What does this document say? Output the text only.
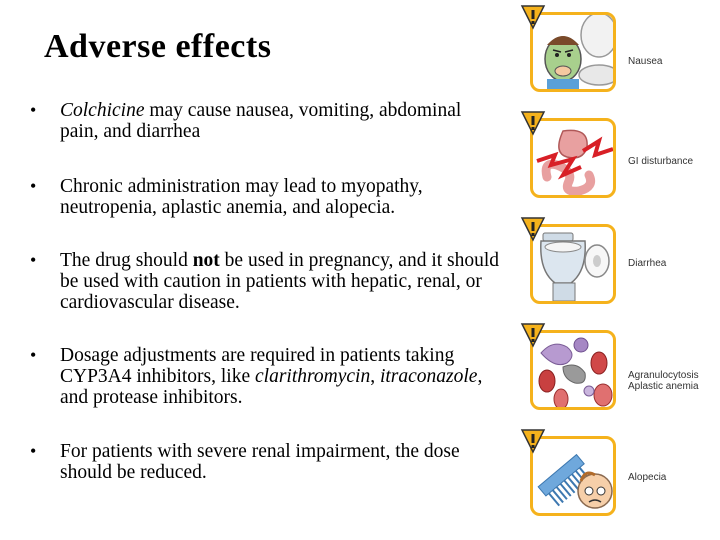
Adverse effects
• Colchicine may cause nausea, vomiting, abdominal pain, and diarrhea
• Chronic administration may lead to myopathy, neutropenia, aplastic anemia, and alopecia.
• The drug should not be used in pregnancy, and it should be used with caution in patients with hepatic, renal, or cardiovascular disease.
• Dosage adjustments are required in patients taking CYP3A4 inhibitors, like clarithromycin, itraconazole, and protease inhibitors.
• For patients with severe renal impairment, the dose should be reduced.
Nausea
GI disturbance
Diarrhea
Agranulocytosis
Aplastic anemia
Alopecia
